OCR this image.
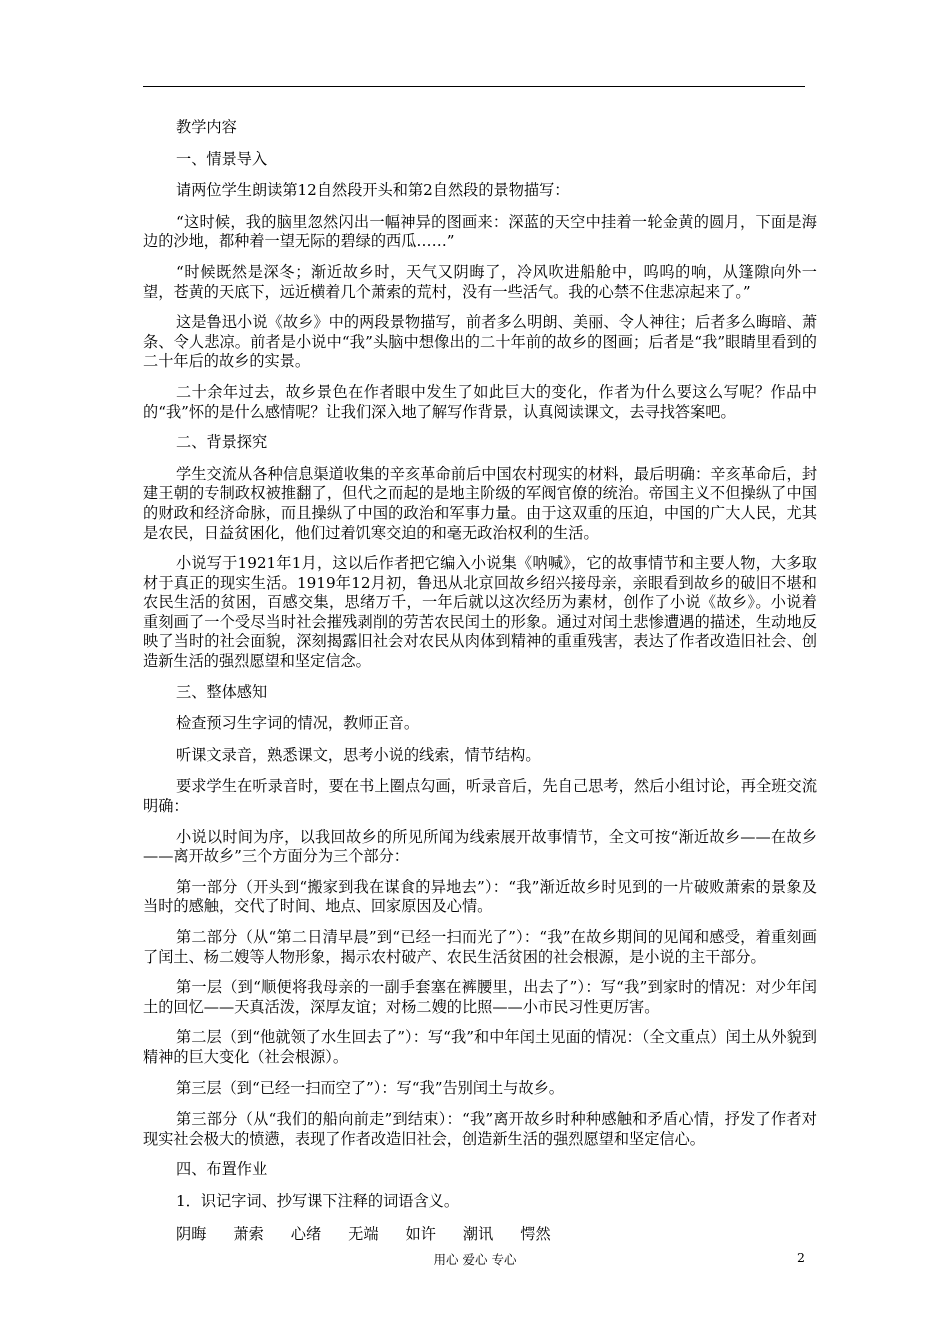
教学内容

一、情景导入

请两位学生朗读第12自然段开头和第2自然段的景物描写：

“这时候，我的脑里忽然闪出一幅神异的图画来：深蓝的天空中挂着一轮金黄的圆月，下面是海边的沙地，都种着一望无际的碧绿的西瓜……”

“时候既然是深冬；渐近故乡时，天气又阴晦了，冷风吹进船舱中，呜呜的响，从篷隙向外一望，苍黄的天底下，远近横着几个萧索的荒村，没有一些活气。我的心禁不住悲凉起来了。”

这是鲁迅小说《故乡》中的两段景物描写，前者多么明朗、美丽、令人神往；后者多么晦暗、萧条、令人悲凉。前者是小说中“我”头脑中想像出的二十年前的故乡的图画；后者是“我”眼睛里看到的二十年后的故乡的实景。

二十余年过去，故乡景色在作者眼中发生了如此巨大的变化，作者为什么要这么写呢？作品中的“我”怀的是什么感情呢？让我们深入地了解写作背景，认真阅读课文，去寻找答案吧。

二、背景探究

学生交流从各种信息渠道收集的辛亥革命前后中国农村现实的材料，最后明确：辛亥革命后，封建王朝的专制政权被推翻了，但代之而起的是地主阶级的军阀官僚的统治。帝国主义不但操纵了中国的财政和经济命脉，而且操纵了中国的政治和军事力量。由于这双重的压迫，中国的广大人民，尤其是农民，日益贫困化，他们过着饥寒交迫的和毫无政治权利的生活。

小说写于1921年1月，这以后作者把它编入小说集《呐喊》，它的故事情节和主要人物，大多取材于真正的现实生活。1919年12月初，鲁迅从北京回故乡绍兴接母亲，亲眼看到故乡的破旧不堪和农民生活的贫困，百感交集，思绪万千，一年后就以这次经历为素材，创作了小说《故乡》。小说着重刻画了一个受尽当时社会摧残剥削的劳苦农民闰土的形象。通过对闰土悲惨遭遇的描述，生动地反映了当时的社会面貌，深刻揭露旧社会对农民从肉体到精神的重重残害，表达了作者改造旧社会、创造新生活的强烈愿望和坚定信念。

三、整体感知

检查预习生字词的情况，教师正音。

听课文录音，熟悉课文，思考小说的线索，情节结构。

要求学生在听录音时，要在书上圈点勾画，听录音后，先自己思考，然后小组讨论，再全班交流明确：

小说以时间为序，以我回故乡的所见所闻为线索展开故事情节，全文可按“渐近故乡——在故乡——离开故乡”三个方面分为三个部分：

第一部分（开头到“搬家到我在谋食的异地去”）：“我”渐近故乡时见到的一片破败萧索的景象及当时的感触，交代了时间、地点、回家原因及心情。

第二部分（从“第二日清早晨”到“已经一扫而光了”）：“我”在故乡期间的见闻和感受，着重刻画了闰土、杨二嫂等人物形象，揭示农村破产、农民生活贫困的社会根源，是小说的主干部分。

第一层（到“顺便将我母亲的一副手套塞在裤腰里，出去了”）：写“我”到家时的情况：对少年闰土的回忆——天真活泼，深厚友谊；对杨二嫂的比照——小市民习性更厉害。

第二层（到“他就领了水生回去了”）：写“我”和中年闰土见面的情况：（全文重点）闰土从外貌到精神的巨大变化（社会根源）。

第三层（到“已经一扫而空了”）：写“我”告别闰土与故乡。

第三部分（从“我们的船向前走”到结束）：“我”离开故乡时种种感触和矛盾心情，抒发了作者对现实社会极大的愤懑，表现了作者改造旧社会，创造新生活的强烈愿望和坚定信心。

四、布置作业

1．识记字词、抄写课下注释的词语含义。

阴晦 萧索 心绪 无端 如许 潮讯 愕然
用心 爱心 专心	2
